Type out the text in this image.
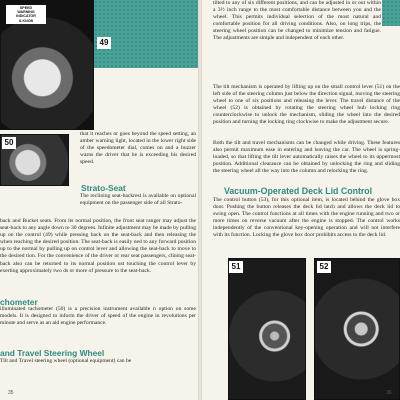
SPEED
WARNING
INDICATOR
& KNOB
49
50

that it reaches or goes beyond the speed setting, an amber warning light, located in the lower right side of the speedometer dial, comes on and a buzzer warns the driver that he is exceeding his desired speed.

Strato-Seat

The reclining seat-backrest is available on optional equipment on the passenger side of all Strato-

back and Bucket seats. From its normal position, the front seat ranger may adjust the seat-back to any angle down to 30 degrees. Infinite adjustment may be made by pulling up on the control (49) while pressing back on the seat-back and then releasing the when reaching the desired position. The seat-back is easily ned to any forward position up to the normal by pulling up on control lever and allowing the seat-back to move to the desired tion. For the convenience of the driver or rear seat passengers, clining seat-back also can be returned to its normal position ust touching the control lever by exerting approximately two ds or more of pressure to the seat-back.

chometer

illuminated tachometer (50) is a precision instrument available n option on some models. It is designed to inform the driver of speed of the engine in revolutions per minute and serve as an aid engine performance.

and Travel Steering Wheel

Tilt and Travel steering wheel (optional equipment) can be

35

tilted to any of six different positions, and can be adjusted in or out within a 3½ inch range to the most comfortable distance between you and the wheel. This permits individual selection of the most natural and comfortable position for all driving conditions. Also, on long trips, the steering wheel position can be changed to minimize tension and fatigue. The adjustments are simple and independent of each other.

The tilt mechanism is operated by lifting up on the small control lever (51) on the left side of the steering column just below the direction signal, moving the steering wheel to one of six positions and releasing the lever. The travel distance of the wheel (52) is obtained by rotating the steering wheel hub locking ring counterclockwise to unlock the mechanism, sliding the wheel into the desired position and turning the locking ring clockwise to make the adjustment secure.

Both the tilt and travel mechanisms can be changed while driving. These features also permit maximum ease in entering and leaving the car. The wheel is spring-loaded, so that lifting the tilt lever automatically raises the wheel to its uppermost position. Additional clearance can be obtained by unlocking the ring and sliding the steering wheel all the way into the column and relocking the ring.

Vacuum-Operated Deck Lid Control

The control button (53), for this optional item, is located behind the glove box door. Pushing the button releases the deck lid latch and allows the deck lid to swing open. The control functions at all times with the engine running and two or more times on reverse vacuum after the engine is stopped. The control works independently of the conventional key-opening operation and will not interfere with its function. Locking the glove box door prohibits access to the deck lid.

51	52
36
